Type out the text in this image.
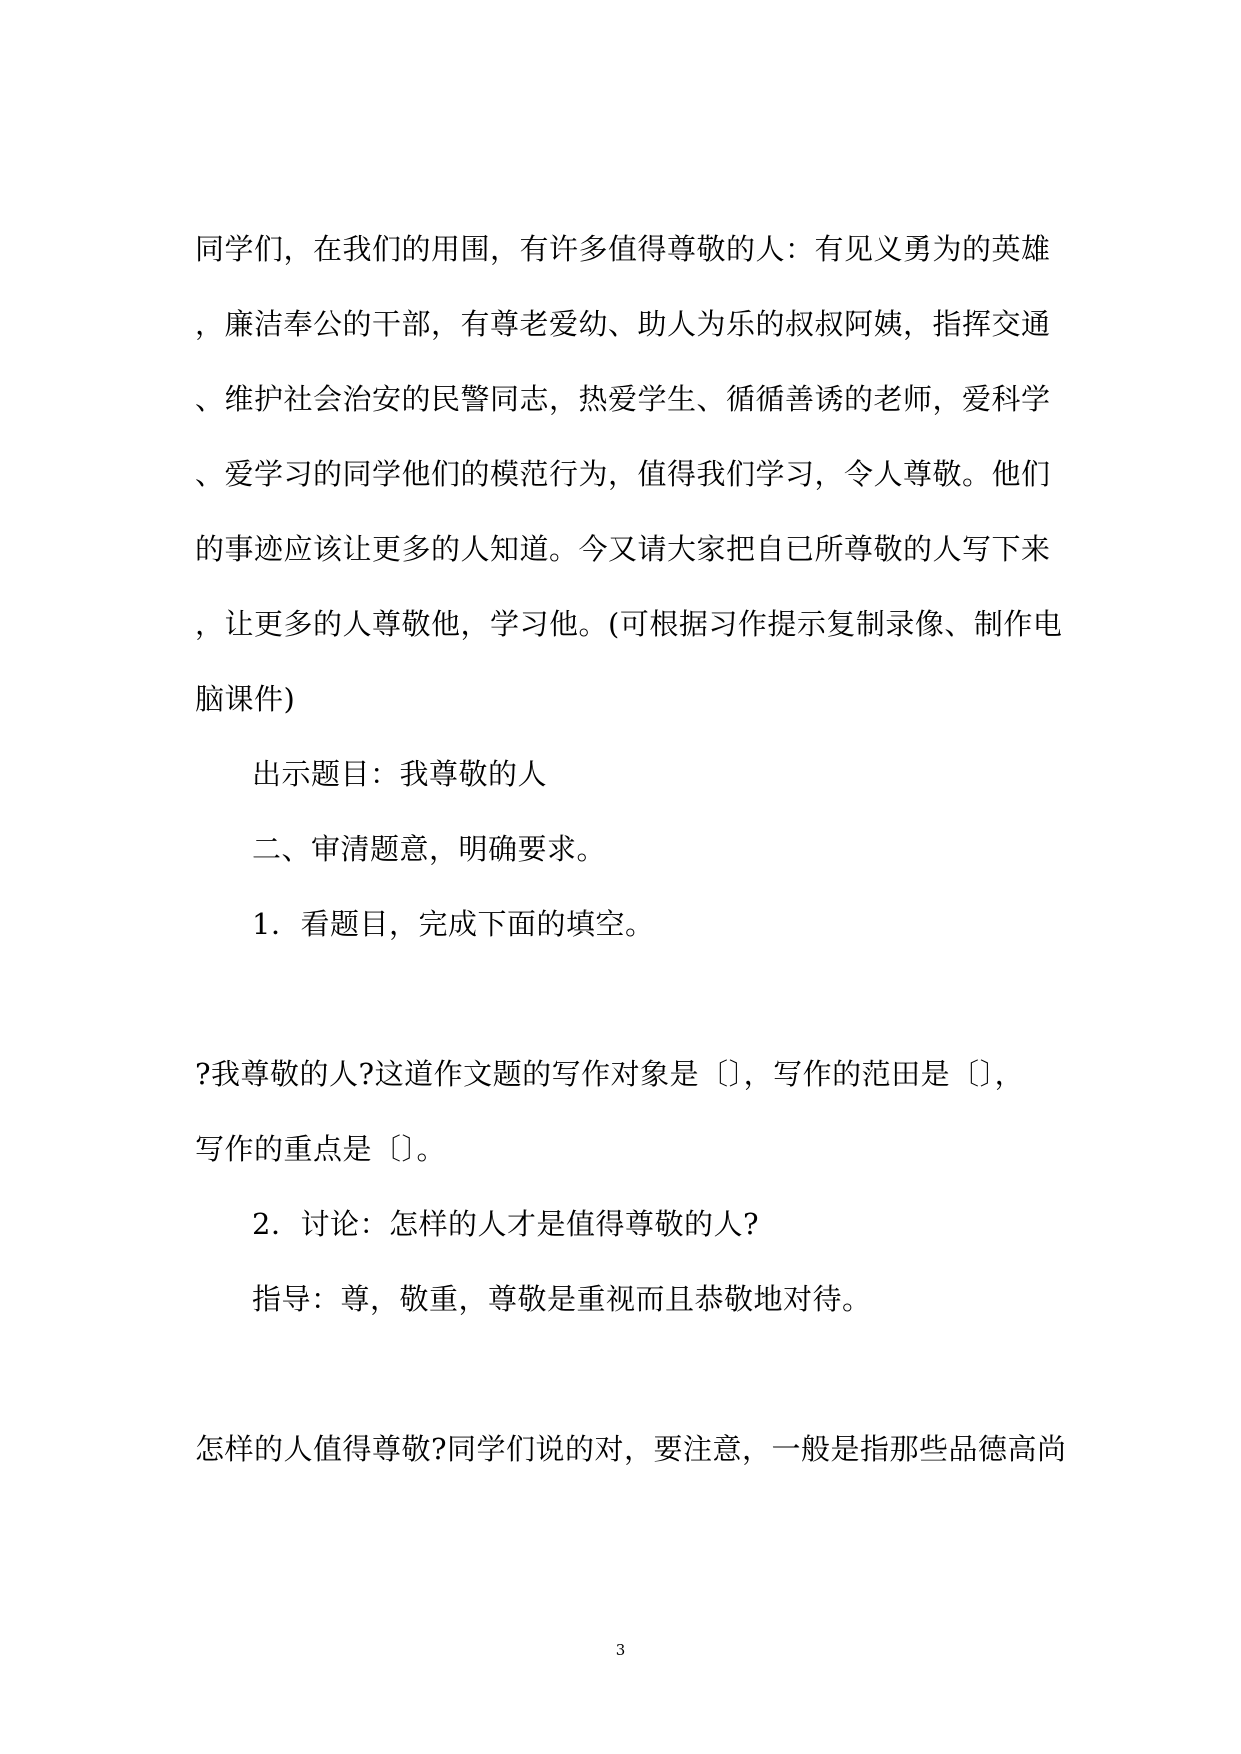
同学们，在我们的用围，有许多值得尊敬的人：有见义勇为的英雄
，廉洁奉公的干部，有尊老爱幼、助人为乐的叔叔阿姨，指挥交通
、维护社会治安的民警同志，热爱学生、循循善诱的老师，爱科学
、爱学习的同学他们的模范行为，值得我们学习，令人尊敬。他们
的事迹应该让更多的人知道。今又请大家把自已所尊敬的人写下来
，让更多的人尊敬他，学习他。(可根据习作提示复制录像、制作电
脑课件)
出示题目：我尊敬的人
二、审清题意，明确要求。
1．看题目，完成下面的填空。
?我尊敬的人?这道作文题的写作对象是〔〕，写作的范田是〔〕，
写作的重点是〔〕。
2．讨论：怎样的人才是值得尊敬的人?
指导：尊，敬重，尊敬是重视而且恭敬地对待。
怎样的人值得尊敬?同学们说的对，要注意，一般是指那些品德高尚
3
